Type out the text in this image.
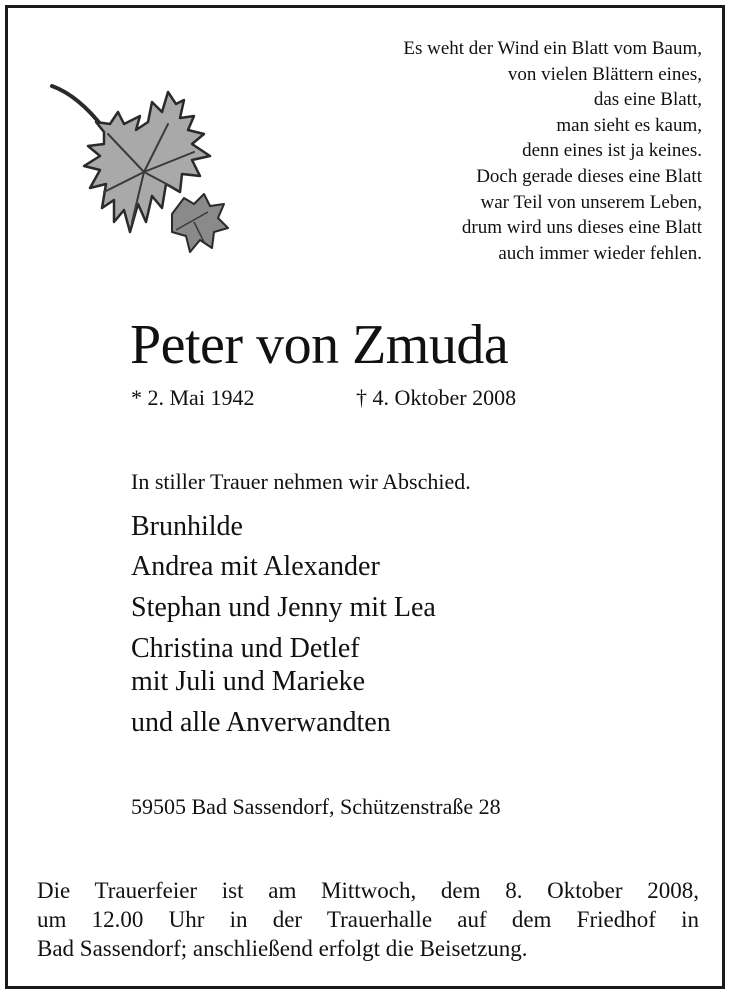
Es weht der Wind ein Blatt vom Baum,
von vielen Blättern eines,
das eine Blatt,
man sieht es kaum,
denn eines ist ja keines.
Doch gerade dieses eine Blatt
war Teil von unserem Leben,
drum wird uns dieses eine Blatt
auch immer wieder fehlen.
Peter von Zmuda
* 2. Mai 1942	† 4. Oktober 2008
In stiller Trauer nehmen wir Abschied.
Brunhilde
Andrea mit Alexander
Stephan und Jenny mit Lea
Christina und Detlef
mit Juli und Marieke
und alle Anverwandten
59505 Bad Sassendorf, Schützenstraße 28
Die Trauerfeier ist am Mittwoch, dem 8. Oktober 2008,
um 12.00 Uhr in der Trauerhalle auf dem Friedhof in
Bad Sassendorf; anschließend erfolgt die Beisetzung.
